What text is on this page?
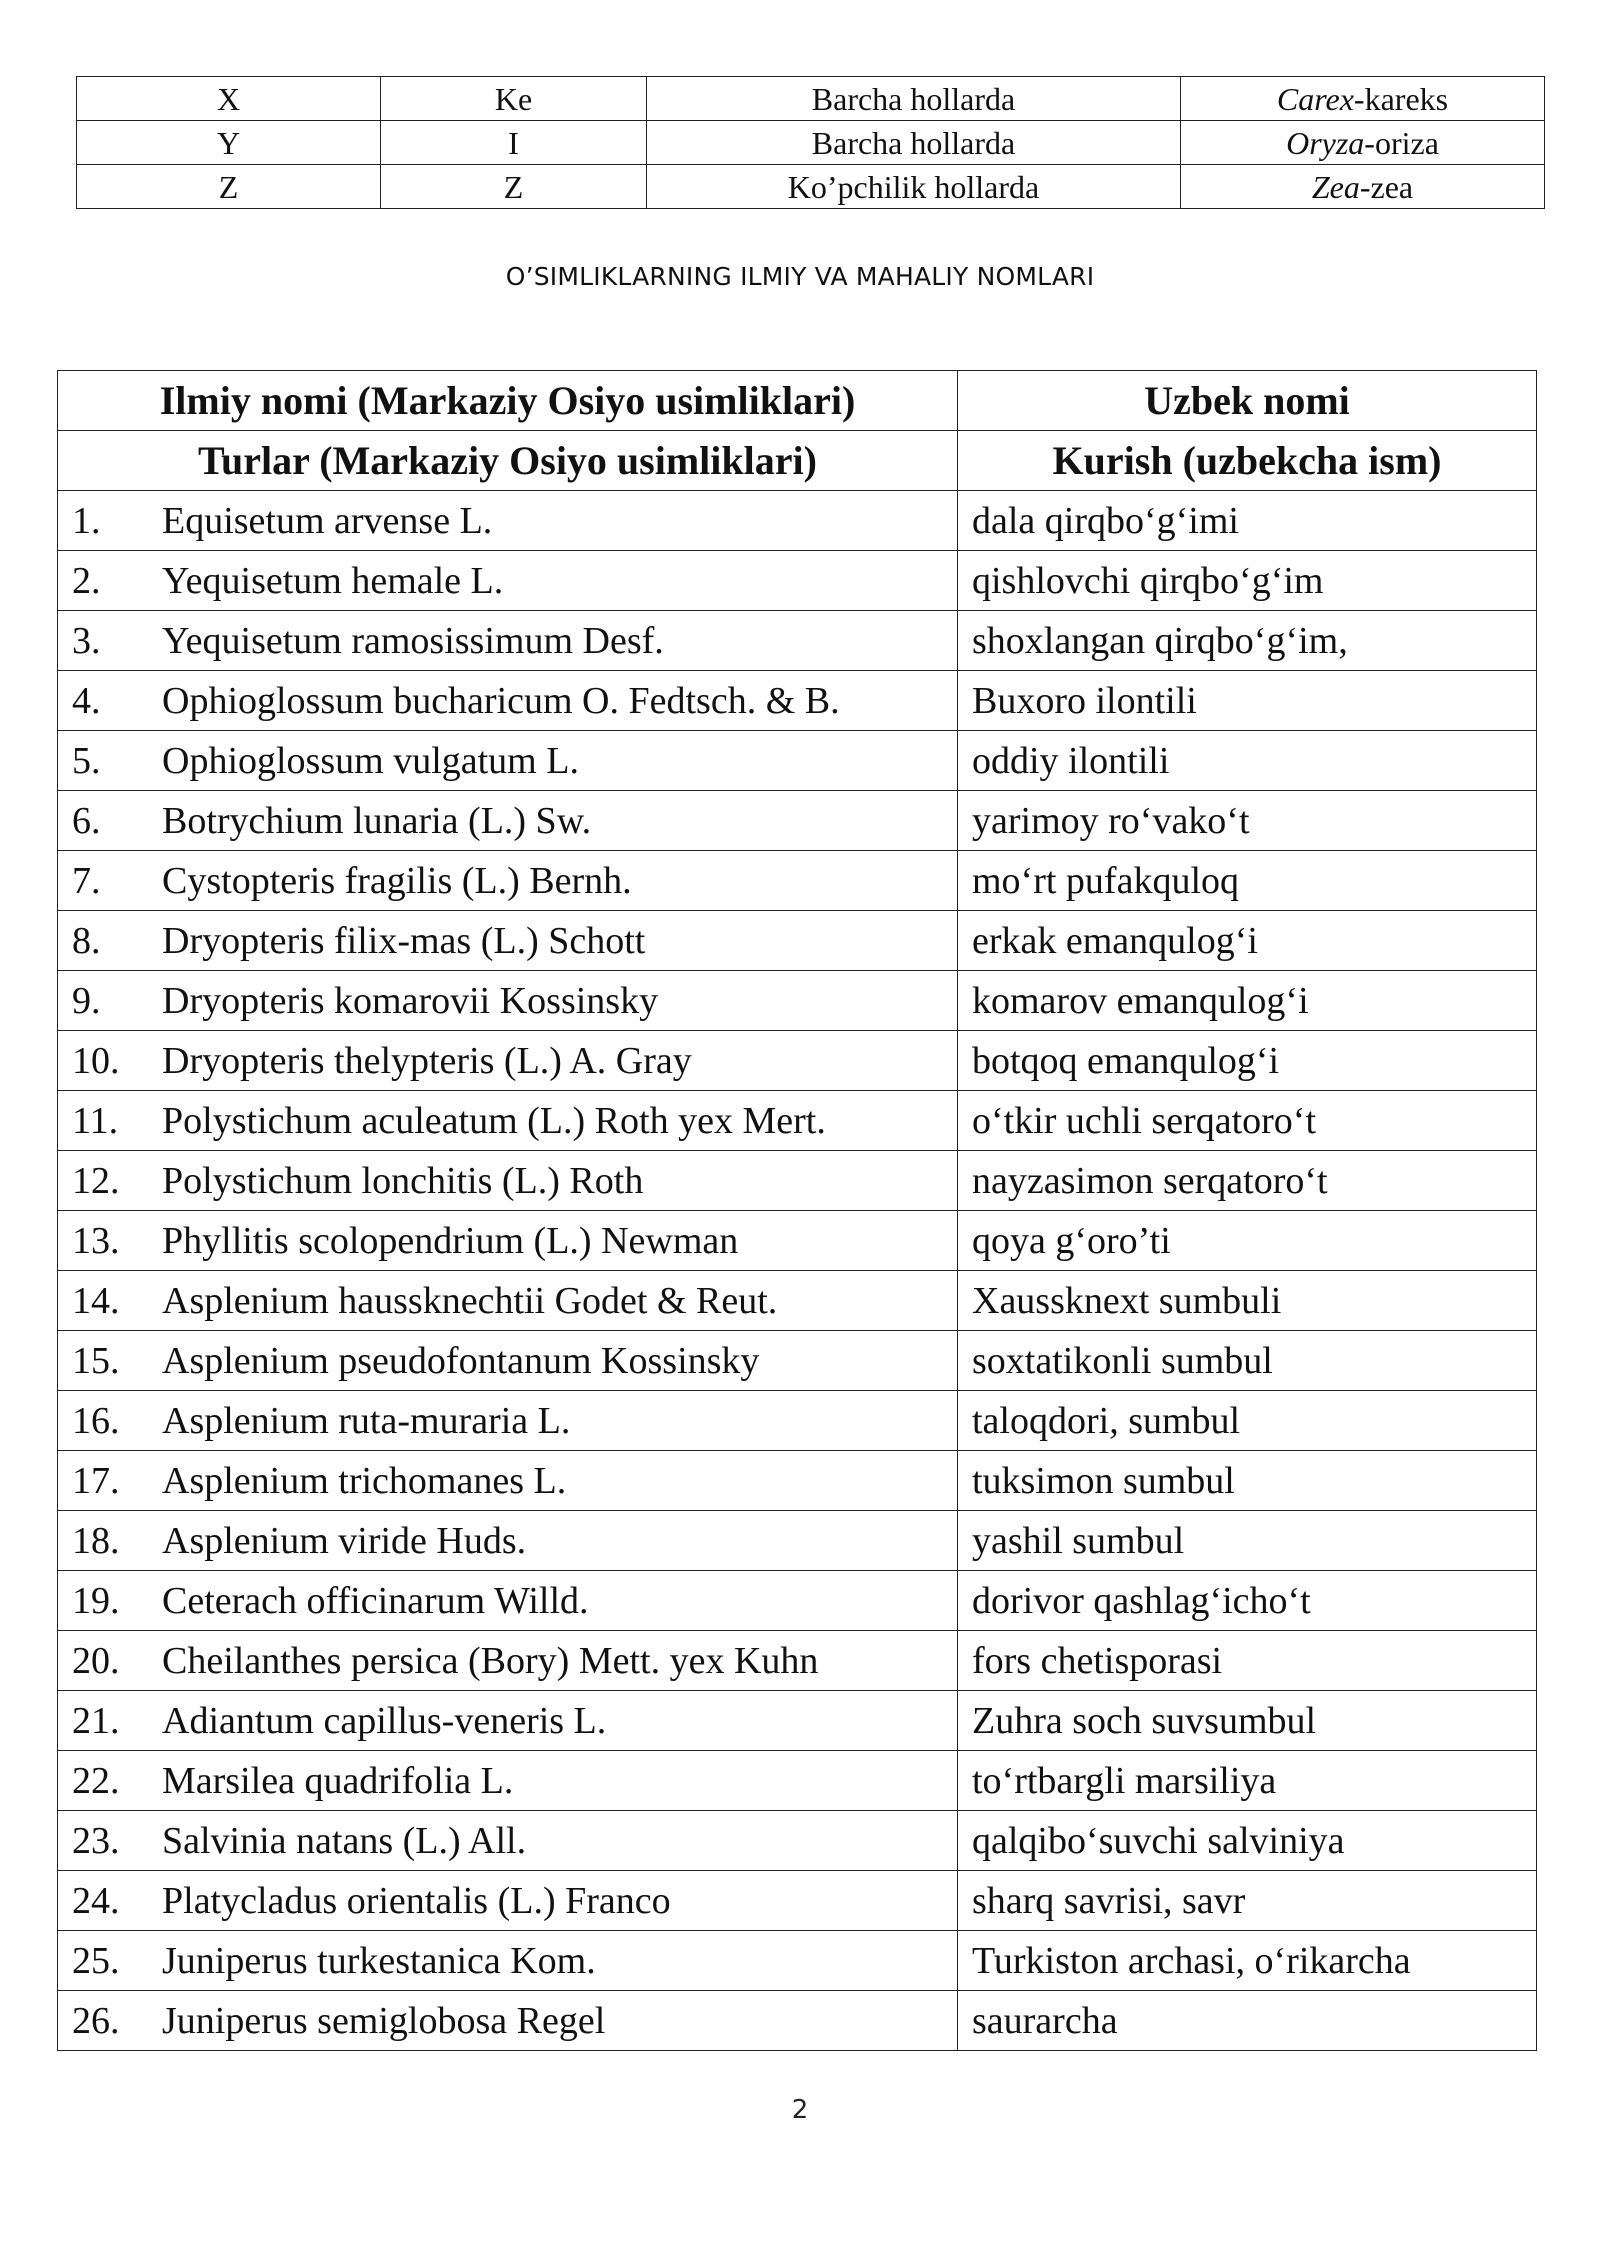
X	Ke	Barcha hollarda	Carex-kareks
Y	I	Barcha hollarda	Oryza-oriza
Z	Z	Ko’pchilik hollarda	Zea-zea
O’SIMLIKLARNING ILMIY VA MAHALIY NOMLARI
Ilmiy nomi (Markaziy Osiyo usimliklari)	Uzbek nomi
Turlar (Markaziy Osiyo usimliklari)	Kurish (uzbekcha ism)
1. Equisetum arvense L.	dala qirqbo‘g‘imi
2. Yequisetum hemale L.	qishlovchi qirqbo‘g‘im
3. Yequisetum ramosissimum Desf.	shoxlangan qirqbo‘g‘im,
4. Ophioglossum bucharicum O. Fedtsch. & B.	Buxoro ilontili
5. Ophioglossum vulgatum L.	oddiy ilontili
6. Botrychium lunaria (L.) Sw.	yarimoy ro‘vako‘t
7. Cystopteris fragilis (L.) Bernh.	mo‘rt pufakquloq
8. Dryopteris filix-mas (L.) Schott	erkak emanqulog‘i
9. Dryopteris komarovii Kossinsky	komarov emanqulog‘i
10. Dryopteris thelypteris (L.) A. Gray	botqoq emanqulog‘i
11. Polystichum aculeatum (L.) Roth yex Mert.	o‘tkir uchli serqatoro‘t
12. Polystichum lonchitis (L.) Roth	nayzasimon serqatoro‘t
13. Phyllitis scolopendrium (L.) Newman	qoya g‘oro’ti
14. Asplenium haussknechtii Godet & Reut.	Xaussknext sumbuli
15. Asplenium pseudofontanum Kossinsky	soxtatikonli sumbul
16. Asplenium ruta-muraria L.	taloqdori, sumbul
17. Asplenium trichomanes L.	tuksimon sumbul
18. Asplenium viride Huds.	yashil sumbul
19. Ceterach officinarum Willd.	dorivor qashlag‘icho‘t
20. Cheilanthes persica (Bory) Mett. yex Kuhn	fors chetisporasi
21. Adiantum capillus-veneris L.	Zuhra soch suvsumbul
22. Marsilea quadrifolia L.	to‘rtbargli marsiliya
23. Salvinia natans (L.) All.	qalqibo‘suvchi salviniya
24. Platycladus orientalis (L.) Franco	sharq savrisi, savr
25. Juniperus turkestanica Kom.	Turkiston archasi, o‘rikarcha
26. Juniperus semiglobosa Regel	saurarcha
2
